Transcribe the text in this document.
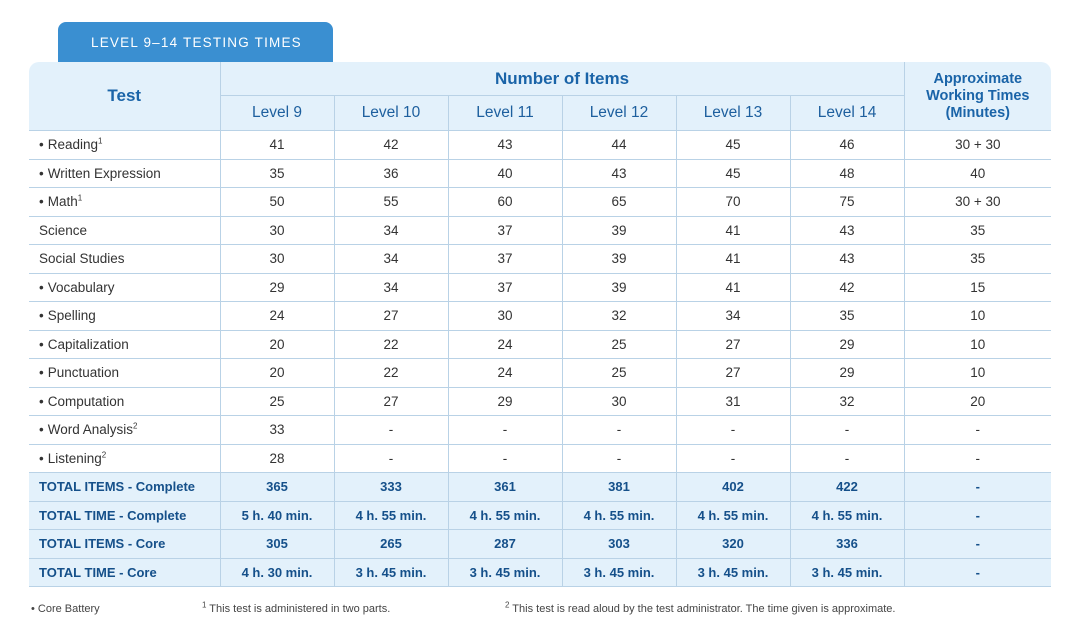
LEVEL 9–14 TESTING TIMES
Test	Number of Items						Approximate Working Times (Minutes)
	Level 9	Level 10	Level 11	Level 12	Level 13	Level 14	
• Reading$^1$	41	42	43	44	45	46	30 + 30
• Written Expression	35	36	40	43	45	48	40
• Math$^1$	50	55	60	65	70	75	30 + 30
Science	30	34	37	39	41	43	35
Social Studies	30	34	37	39	41	43	35
• Vocabulary	29	34	37	39	41	42	15
• Spelling	24	27	30	32	34	35	10
• Capitalization	20	22	24	25	27	29	10
• Punctuation	20	22	24	25	27	29	10
• Computation	25	27	29	30	31	32	20
• Word Analysis$^2$	33	-	-	-	-	-	-
• Listening$^2$	28	-	-	-	-	-	-
TOTAL ITEMS - Complete	365	333	361	381	402	422	-
TOTAL TIME - Complete	5 h. 40 min.	4 h. 55 min.	4 h. 55 min.	4 h. 55 min.	4 h. 55 min.	4 h. 55 min.	-
TOTAL ITEMS - Core	305	265	287	303	320	336	-
TOTAL TIME - Core	4 h. 30 min.	3 h. 45 min.	3 h. 45 min.	3 h. 45 min.	3 h. 45 min.	3 h. 45 min.	-
• Core Battery	$^1$ This test is administered in two parts.	$^2$ This test is read aloud by the test administrator. The time given is approximate.
